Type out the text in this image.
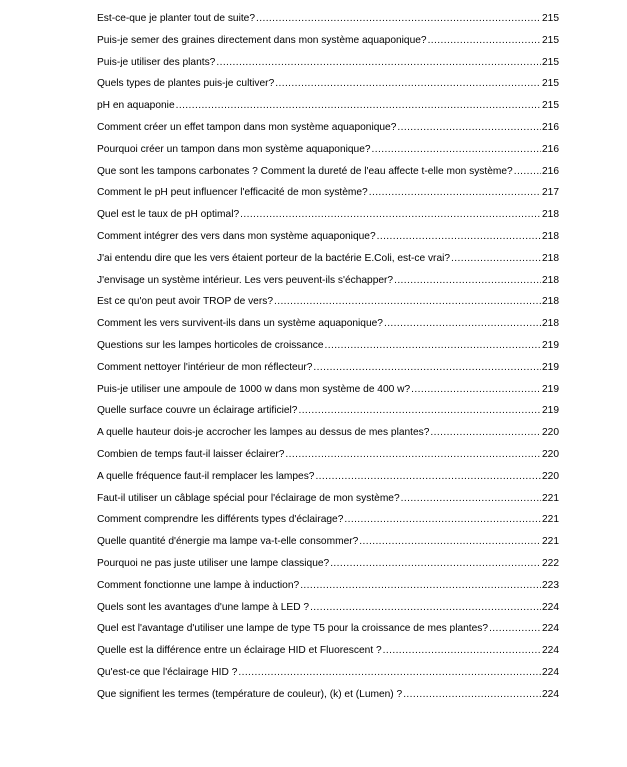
Est-ce-que je planter tout de suite? .....	215
Puis-je semer des graines directement dans mon système aquaponique? .....	215
Puis-je utiliser des plants? .....	215
Quels types de plantes puis-je cultiver? .....	215
pH en aquaponie .....	215
Comment créer un effet tampon dans mon système aquaponique? .....	216
Pourquoi créer un tampon dans mon système aquaponique? .....	216
Que sont les tampons carbonates ? Comment la dureté de l'eau affecte t-elle mon système? .....	216
Comment le pH peut influencer l'efficacité de mon système? .....	217
Quel est le taux de pH optimal? .....	218
Comment intégrer des vers dans mon système aquaponique? .....	218
J'ai entendu dire que les vers étaient porteur de la bactérie E.Coli, est-ce vrai? .....	218
J'envisage un système intérieur. Les vers peuvent-ils s'échapper? .....	218
Est ce qu'on peut avoir TROP de vers? .....	218
Comment les vers survivent-ils dans un système aquaponique? .....	218
Questions sur les lampes horticoles de croissance .....	219
Comment nettoyer l'intérieur de mon réflecteur? .....	219
Puis-je utiliser une ampoule de 1000 w dans mon système de 400 w? .....	219
Quelle surface couvre un éclairage artificiel? .....	219
A quelle hauteur dois-je accrocher les lampes au dessus de mes plantes? .....	220
Combien de temps faut-il laisser éclairer? .....	220
A quelle fréquence faut-il remplacer les lampes? .....	220
Faut-il utiliser un câblage spécial pour l'éclairage de mon système? .....	221
Comment comprendre les différents types d'éclairage? .....	221
Quelle quantité d'énergie ma lampe va-t-elle consommer? .....	221
Pourquoi ne pas juste utiliser une lampe classique? .....	222
Comment fonctionne une lampe à induction? .....	223
Quels sont les avantages d'une lampe à LED ? .....	224
Quel est l'avantage d'utiliser une lampe de type T5 pour la croissance de mes plantes? .....	224
Quelle est la différence entre un éclairage HID et Fluorescent ? .....	224
Qu'est-ce que l'éclairage HID ? .....	224
Que signifient les termes (température de couleur), (k) et (Lumen) ? .....	224
